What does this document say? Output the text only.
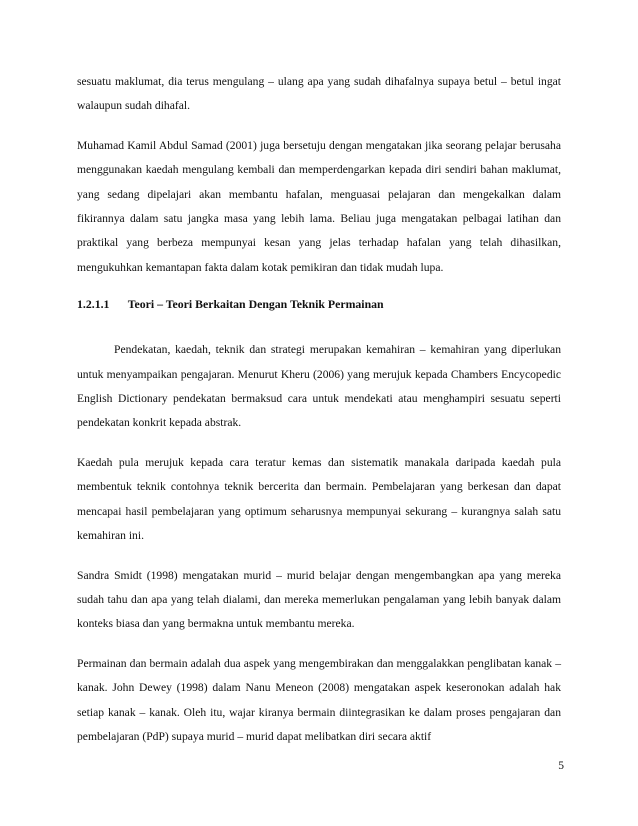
sesuatu maklumat, dia terus mengulang – ulang apa yang sudah dihafalnya supaya betul – betul ingat walaupun sudah dihafal.

Muhamad Kamil Abdul Samad (2001) juga bersetuju dengan mengatakan jika seorang pelajar berusaha menggunakan kaedah mengulang kembali dan memperdengarkan kepada diri sendiri bahan maklumat, yang sedang dipelajari akan membantu hafalan, menguasai pelajaran dan mengekalkan dalam fikirannya dalam satu jangka masa yang lebih lama. Beliau juga mengatakan pelbagai latihan dan praktikal yang berbeza mempunyai kesan yang jelas terhadap hafalan yang telah dihasilkan, mengukuhkan kemantapan fakta dalam kotak pemikiran dan tidak mudah lupa.

1.2.1.1 Teori – Teori Berkaitan Dengan Teknik Permainan

Pendekatan, kaedah, teknik dan strategi merupakan kemahiran – kemahiran yang diperlukan untuk menyampaikan pengajaran. Menurut Kheru (2006) yang merujuk kepada Chambers Encycopedic English Dictionary pendekatan bermaksud cara untuk mendekati atau menghampiri sesuatu seperti pendekatan konkrit kepada abstrak.

Kaedah pula merujuk kepada cara teratur kemas dan sistematik manakala daripada kaedah pula membentuk teknik contohnya teknik bercerita dan bermain. Pembelajaran yang berkesan dan dapat mencapai hasil pembelajaran yang optimum seharusnya mempunyai sekurang – kurangnya salah satu kemahiran ini.

Sandra Smidt (1998) mengatakan murid – murid belajar dengan mengembangkan apa yang mereka sudah tahu dan apa yang telah dialami, dan mereka memerlukan pengalaman yang lebih banyak dalam konteks biasa dan yang bermakna untuk membantu mereka.

Permainan dan bermain adalah dua aspek yang mengembirakan dan menggalakkan penglibatan kanak – kanak. John Dewey (1998) dalam Nanu Meneon (2008) mengatakan aspek keseronokan adalah hak setiap kanak – kanak. Oleh itu, wajar kiranya bermain diintegrasikan ke dalam proses pengajaran dan pembelajaran (PdP) supaya murid – murid dapat melibatkan diri secara aktif

5
